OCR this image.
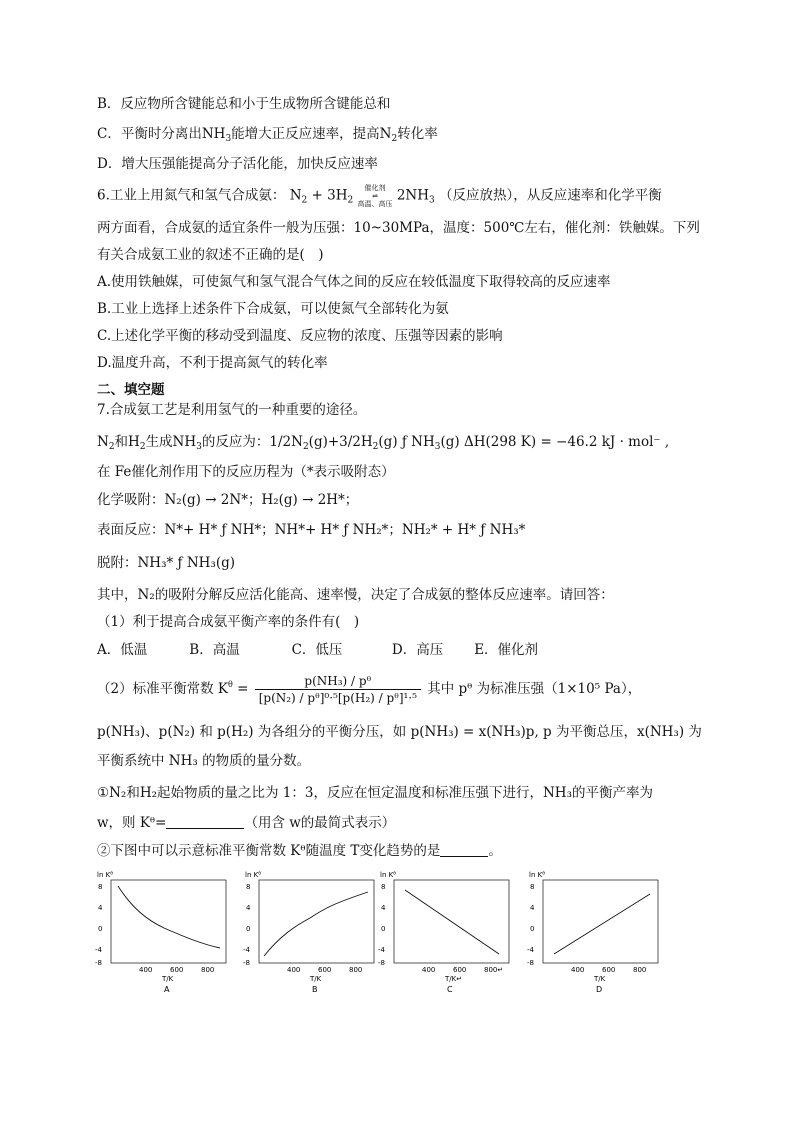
B．反应物所含键能总和小于生成物所含键能总和
C．平衡时分离出$NH_3$能增大正反应速率，提高$N_2$转化率
D．增大压强能提高分子活化能，加快反应速率
6.工业上用氮气和氢气合成氨： $N_2 + 3H_2$ 催化剂
⇌
高温、高压 $2NH_3$ （反应放热），从反应速率和化学平衡
两方面看，合成氨的适宜条件一般为压强：10~30MPa，温度：500℃左右，催化剂：铁触媒。下列
有关合成氨工业的叙述不正确的是(　)
A.使用铁触媒，可使氮气和氢气混合气体之间的反应在较低温度下取得较高的反应速率
B.工业上选择上述条件下合成氨，可以使氮气全部转化为氨
C.上述化学平衡的移动受到温度、反应物的浓度、压强等因素的影响
D.温度升高，不利于提高氮气的转化率
二、填空题
7.合成氨工艺是利用氢气的一种重要的途径。
$N_2$和$H_2$生成$NH_3$的反应为：$1/2N_2(g)+3/2H_2(g)$ ƒ $NH_3(g)$ ΔH(298 K) = −46.2 kJ · mol⁻ ,
在 Fe催化剂作用下的反应历程为（*表示吸附态）
化学吸附：N₂(g) → 2N*；H₂(g) → 2H*；
表面反应：N*+ H* ƒ NH*；NH*+ H* ƒ NH₂*；NH₂* + H* ƒ NH₃*
脱附：NH₃* ƒ NH₃(g)
其中，N₂的吸附分解反应活化能高、速率慢，决定了合成氨的整体反应速率。请回答：
（1）利于提高合成氨平衡产率的条件有(　)
A．低温	B．高温	C．低压	D．高压 E．催化剂
（2）标准平衡常数 $K^\theta = \frac{\text{p(NH₃) / pᶿ}}{\text{[p(N₂) / pᶿ]⁰·⁵[p(H₂) / pᶿ]¹·⁵}}$ 其中 pᶿ 为标准压强（1×10⁵ Pa），
p(NH₃)、p(N₂) 和 p(H₂) 为各组分的平衡分压，如 p(NH₃) = x(NH₃)p, p 为平衡总压，x(NH₃) 为
平衡系统中 NH₃ 的物质的量分数。
①N₂和H₂起始物质的量之比为 1：3，反应在恒定温度和标准压强下进行，NH₃的平衡产率为
w，则 Kᶿ=	（用含 w的最简式表示）
②下图中可以示意标准平衡常数 Kᶿ随温度 T变化趋势的是	。
ln Kᶿ
8
4
0
-4
-8
400	600	800
T/K
A
ln Kᶿ
8
4
0
-4
-8
400	600	800
T/K
B
ln Kᶿ
8
4
0
-4
-8
400	600	800↵
T/K↵
C
ln Kᶿ
8
4
0
-4
-8
400	600	800
T/K
D
